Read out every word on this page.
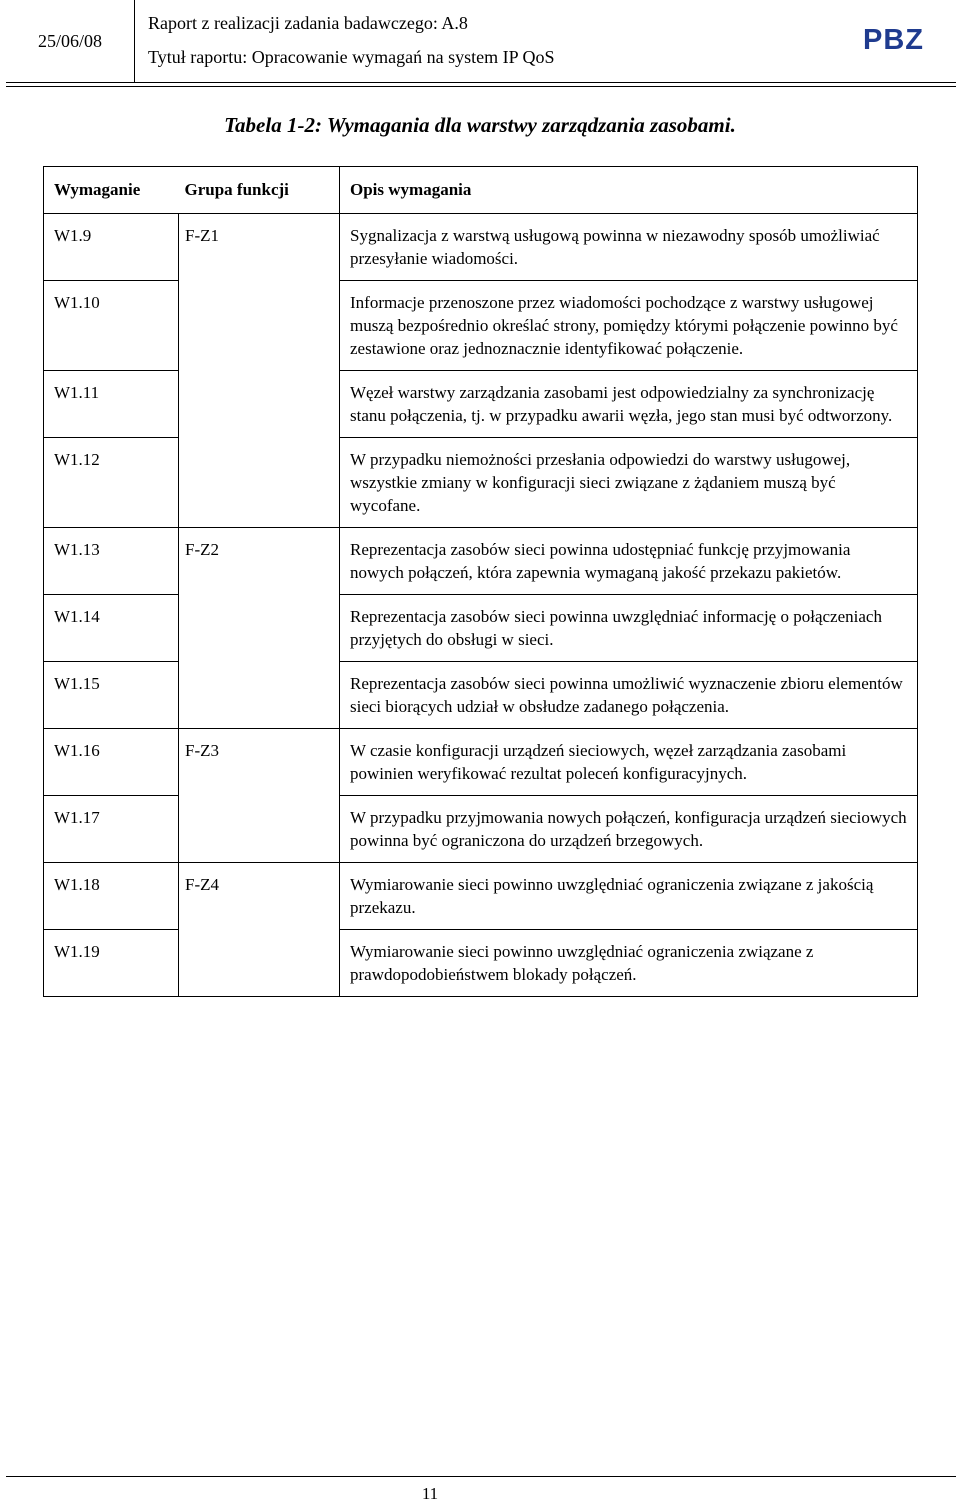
25/06/08
Raport z realizacji zadania badawczego: A.8
Tytuł raportu: Opracowanie wymagań na system IP QoS
PBZ
Tabela 1-2: Wymagania dla warstwy zarządzania zasobami.
Wymaganie	Grupa funkcji	Opis wymagania
W1.9	F-Z1	Sygnalizacja z warstwą usługową powinna w niezawodny sposób umożliwiać przesyłanie wiadomości.
W1.10		Informacje przenoszone przez wiadomości pochodzące z warstwy usługowej muszą bezpośrednio określać strony, pomiędzy którymi połączenie powinno być zestawione oraz jednoznacznie identyfikować połączenie.
W1.11		Węzeł warstwy zarządzania zasobami jest odpowiedzialny za synchronizację stanu połączenia, tj. w przypadku awarii węzła, jego stan musi być odtworzony.
W1.12		W przypadku niemożności przesłania odpowiedzi do warstwy usługowej, wszystkie zmiany w konfiguracji sieci związane z żądaniem muszą być wycofane.
W1.13	F-Z2	Reprezentacja zasobów sieci powinna udostępniać funkcję przyjmowania nowych połączeń, która zapewnia wymaganą jakość przekazu pakietów.
W1.14		Reprezentacja zasobów sieci powinna uwzględniać informację o połączeniach przyjętych do obsługi w sieci.
W1.15		Reprezentacja zasobów sieci powinna umożliwić wyznaczenie zbioru elementów sieci biorących udział w obsłudze zadanego połączenia.
W1.16	F-Z3	W czasie konfiguracji urządzeń sieciowych, węzeł zarządzania zasobami powinien weryfikować rezultat poleceń konfiguracyjnych.
W1.17		W przypadku przyjmowania nowych połączeń, konfiguracja urządzeń sieciowych powinna być ograniczona do urządzeń brzegowych.
W1.18	F-Z4	Wymiarowanie sieci powinno uwzględniać ograniczenia związane z jakością przekazu.
W1.19		Wymiarowanie sieci powinno uwzględniać ograniczenia związane z prawdopodobieństwem blokady połączeń.
11
